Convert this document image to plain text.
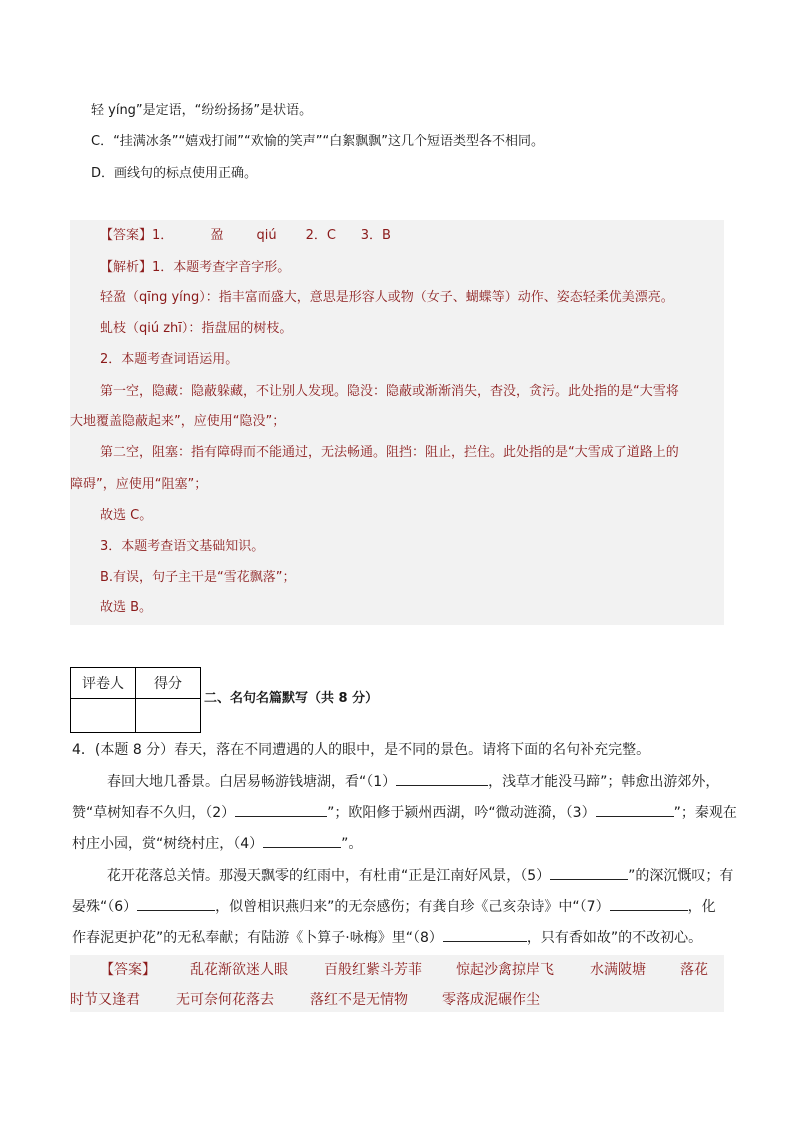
轻 yíng”是定语，“纷纷扬扬”是状语。
C．“挂满冰条”“嬉戏打闹”“欢愉的笑声”“白絮飘飘”这几个短语类型各不相同。
D．画线句的标点使用正确。
【答案】1．         盈        qiú       2．C      3．B
【解析】1．本题考查字音字形。
轻盈（qīng yíng）：指丰富而盛大，意思是形容人或物（女子、蝴蝶等）动作、姿态轻柔优美漂亮。
虬枝（qiú zhī）：指盘屈的树枝。
2．本题考查词语运用。
第一空，隐藏：隐蔽躲藏，不让别人发现。隐没：隐蔽或渐渐消失，杳没，贪污。此处指的是“大雪将
大地覆盖隐蔽起来”，应使用“隐没”；
第二空，阻塞：指有障碍而不能通过，无法畅通。阻挡：阻止，拦住。此处指的是“大雪成了道路上的
障碍”，应使用“阻塞”；
故选 C。
3．本题考查语文基础知识。
B.有误，句子主干是“雪花飘落”；
故选 B。
评卷人	得分

二、名句名篇默写（共 8 分）
4．(本题 8 分）春天，落在不同遭遇的人的眼中，是不同的景色。请将下面的名句补充完整。
春回大地几番景。白居易畅游钱塘湖，看“（1）	，浅草才能没马蹄”；韩愈出游郊外，
赞“草树知春不久归，（2）	”；欧阳修于颍州西湖，吟“微动涟漪，（3）	”；秦观在
村庄小园，赏“树绕村庄，（4）	”。
花开花落总关情。那漫天飘零的红雨中，有杜甫“正是江南好风景，（5）	”的深沉慨叹；有
晏殊“（6）	，似曾相识燕归来”的无奈感伤；有龚自珍《己亥杂诗》中“（7）	，化
作春泥更护花”的无私奉献；有陆游《卜算子·咏梅》里“（8）	，只有香如故”的不改初心。
【答案】 乱花渐欲迷人眼	百般红紫斗芳菲 惊起沙禽掠岸飞	水满陂塘 落花
时节又逢君	无可奈何花落去	落红不是无情物 零落成泥碾作尘
